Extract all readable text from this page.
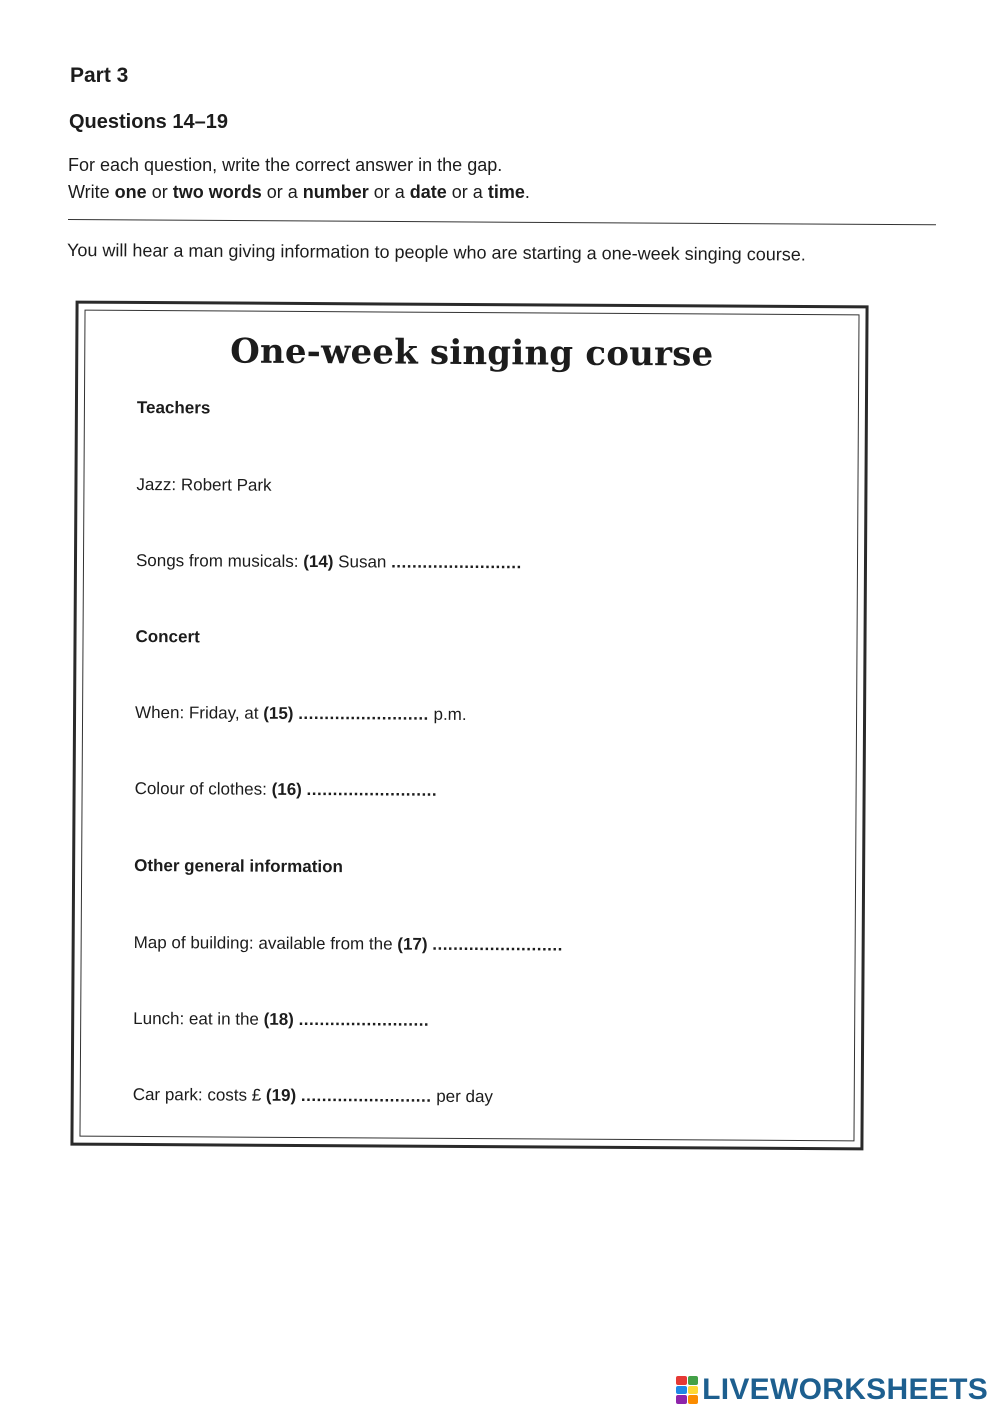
Part 3
Questions 14–19
For each question, write the correct answer in the gap.
Write one or two words or a number or a date or a time.

You will hear a man giving information to people who are starting a one-week singing course.

One-week singing course

Teachers

Jazz: Robert Park

Songs from musicals: (14) Susan .........................

Concert

When: Friday, at (15) ......................... p.m.

Colour of clothes: (16) .........................

Other general information

Map of building: available from the (17) .........................

Lunch: eat in the (18) .........................

Car park: costs £ (19) ......................... per day

LIVEWORKSHEETS
